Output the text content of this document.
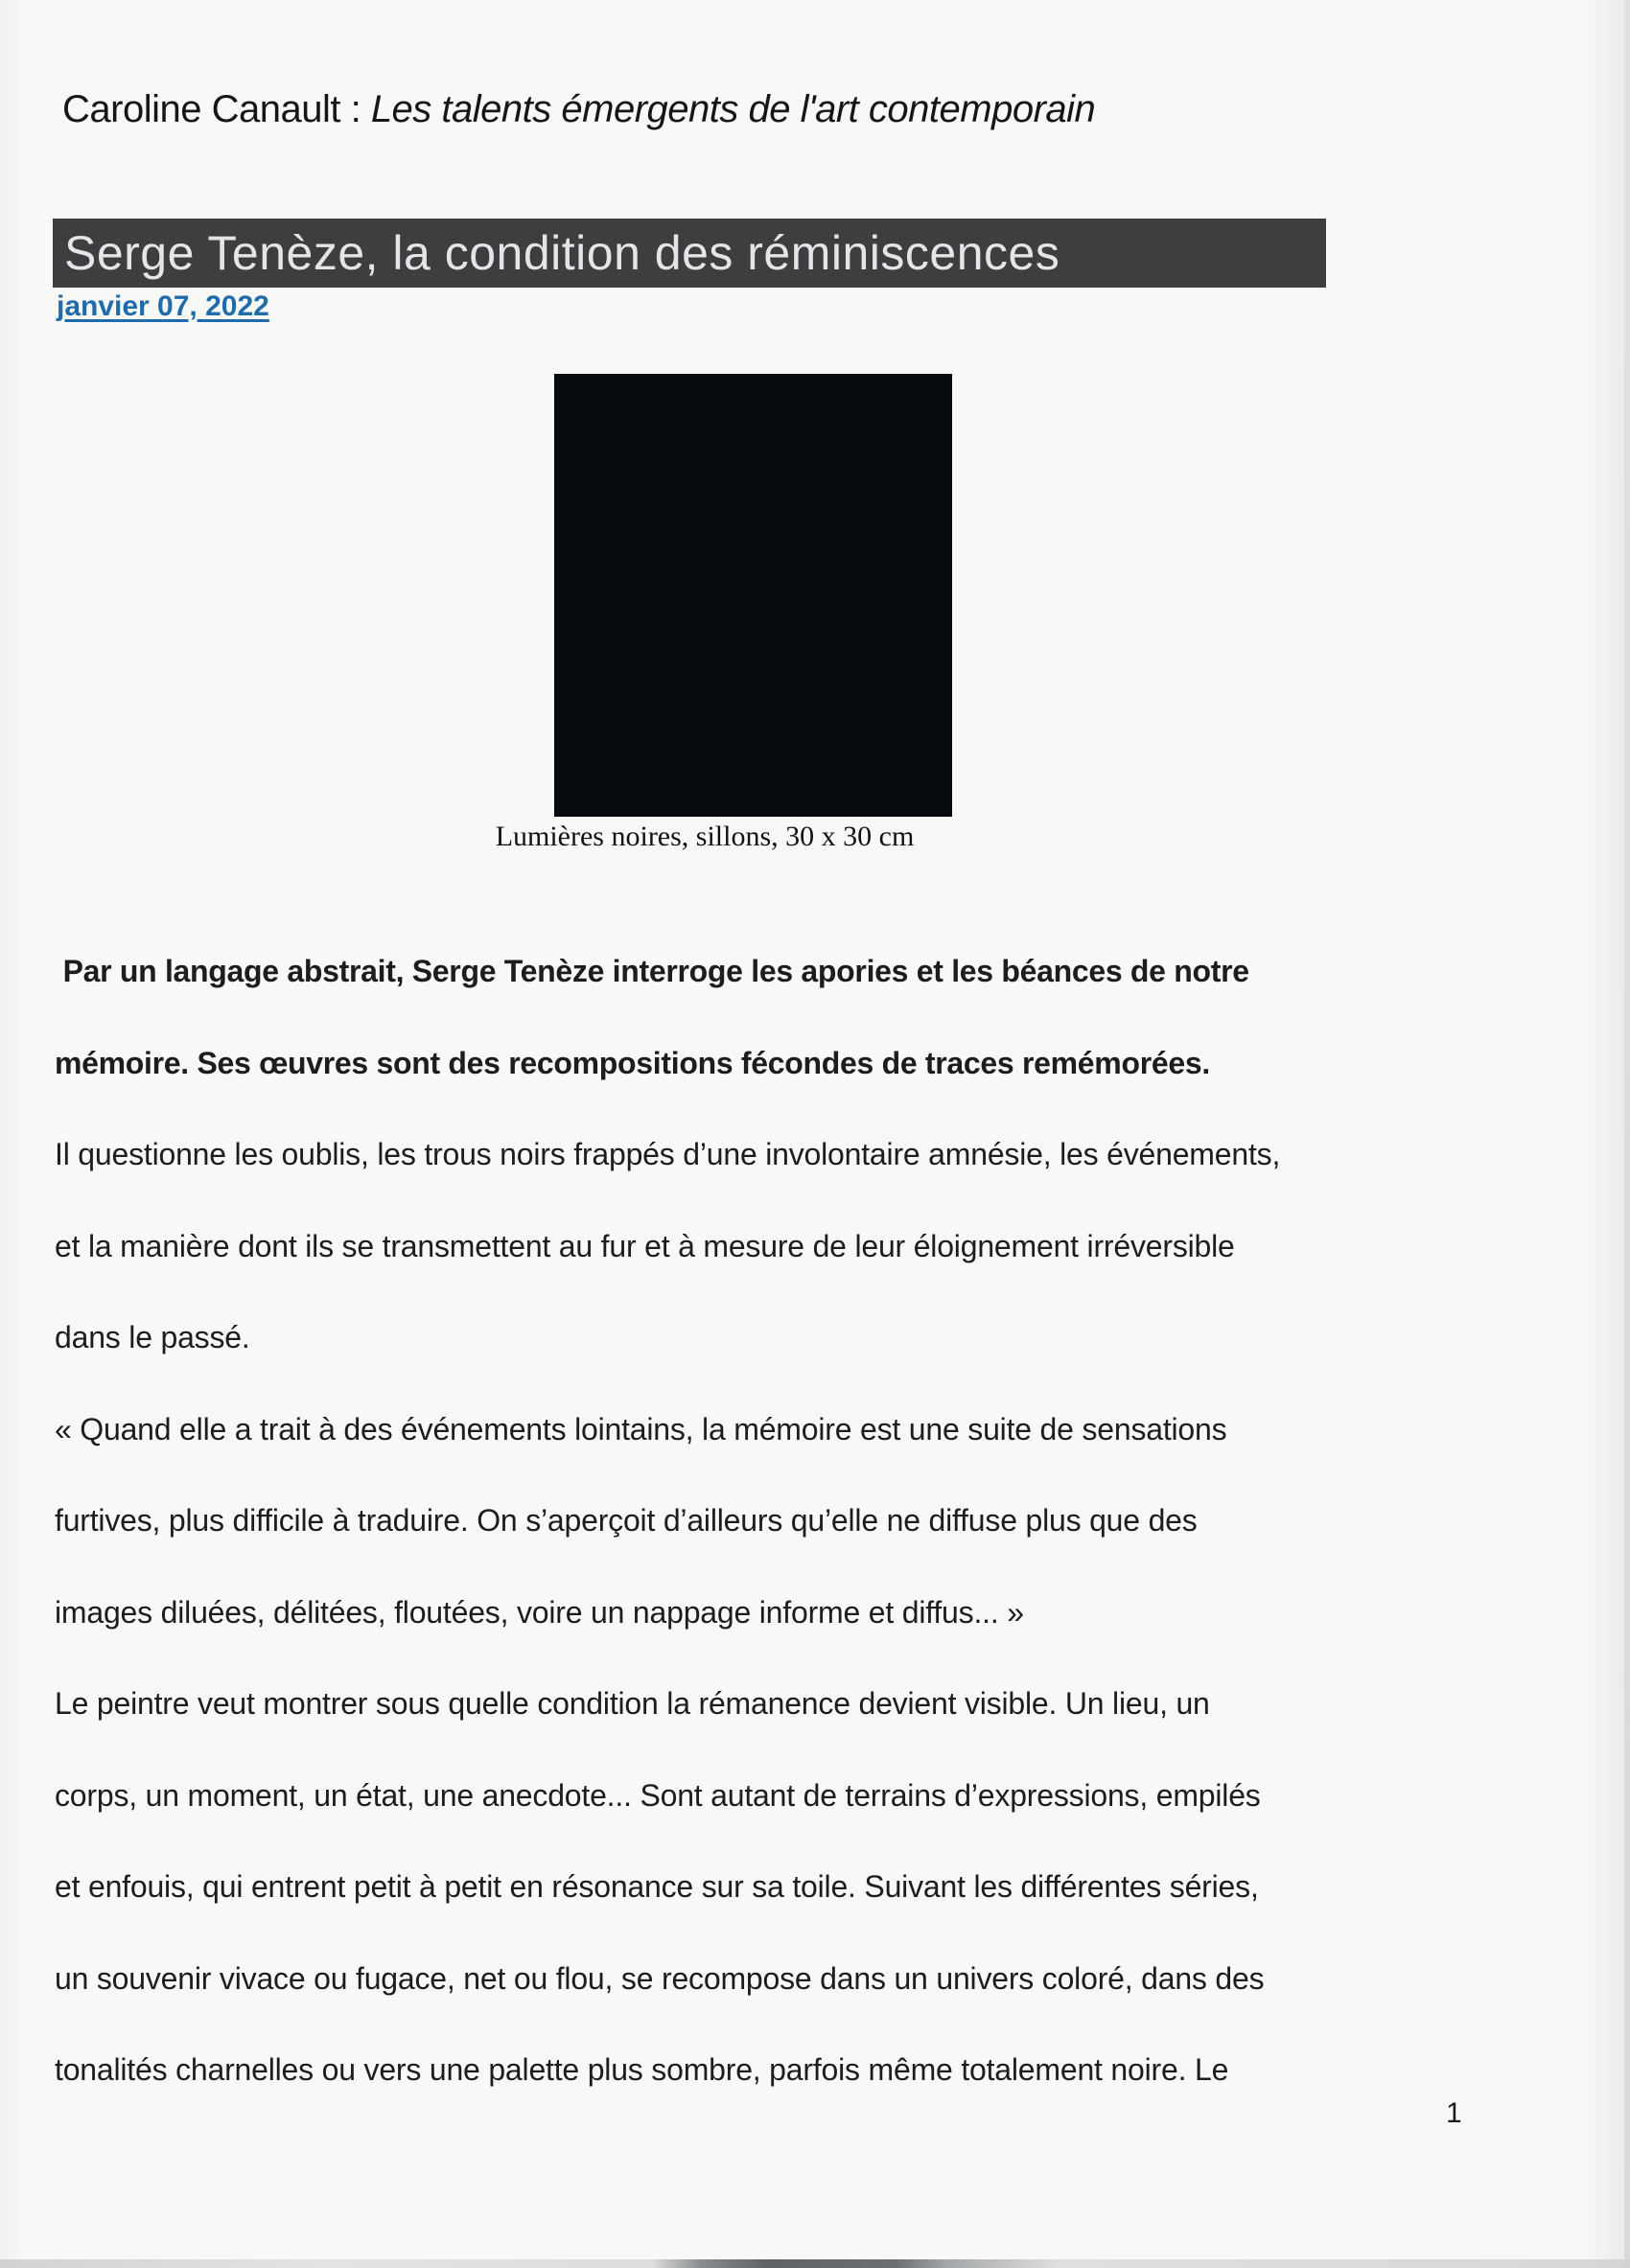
Caroline Canault : Les talents émergents de l'art contemporain
Serge Tenèze, la condition des réminiscences
janvier 07, 2022
Lumières noires, sillons, 30 x 30 cm
Par un langage abstrait, Serge Tenèze interroge les apories et les béances de notre
mémoire. Ses œuvres sont des recompositions fécondes de traces remémorées.
Il questionne les oublis, les trous noirs frappés d’une involontaire amnésie, les événements,
et la manière dont ils se transmettent au fur et à mesure de leur éloignement irréversible
dans le passé.
« Quand elle a trait à des événements lointains, la mémoire est une suite de sensations
furtives, plus difficile à traduire. On s’aperçoit d’ailleurs qu’elle ne diffuse plus que des
images diluées, délitées, floutées, voire un nappage informe et diffus... »
Le peintre veut montrer sous quelle condition la rémanence devient visible. Un lieu, un
corps, un moment, un état, une anecdote... Sont autant de terrains d’expressions, empilés
et enfouis, qui entrent petit à petit en résonance sur sa toile. Suivant les différentes séries,
un souvenir vivace ou fugace, net ou flou, se recompose dans un univers coloré, dans des
tonalités charnelles ou vers une palette plus sombre, parfois même totalement noire. Le
1
